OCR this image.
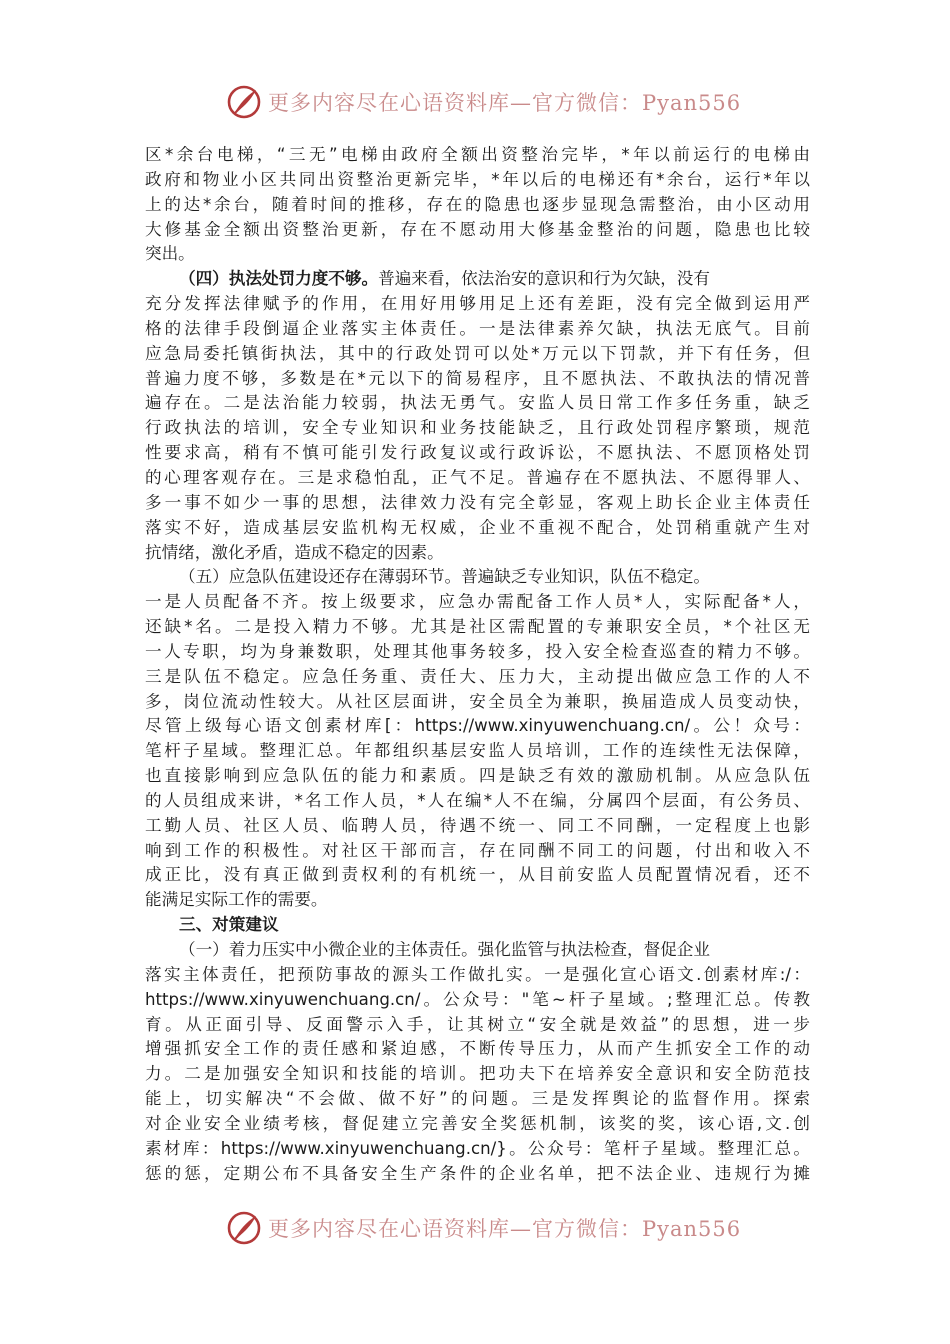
更多内容尽在心语资料库—官方微信：Pyan556
区*余台电梯，“三无”电梯由政府全额出资整治完毕，*年以前运行的电梯由
政府和物业小区共同出资整治更新完毕，*年以后的电梯还有*余台，运行*年以
上的达*余台，随着时间的推移，存在的隐患也逐步显现急需整治，由小区动用
大修基金全额出资整治更新，存在不愿动用大修基金整治的问题，隐患也比较
突出。
（四）执法处罚力度不够。普遍来看，依法治安的意识和行为欠缺，没有
充分发挥法律赋予的作用，在用好用够用足上还有差距，没有完全做到运用严
格的法律手段倒逼企业落实主体责任。一是法律素养欠缺，执法无底气。目前
应急局委托镇街执法，其中的行政处罚可以处*万元以下罚款，并下有任务，但
普遍力度不够，多数是在*元以下的简易程序，且不愿执法、不敢执法的情况普
遍存在。二是法治能力较弱，执法无勇气。安监人员日常工作多任务重，缺乏
行政执法的培训，安全专业知识和业务技能缺乏，且行政处罚程序繁琐，规范
性要求高，稍有不慎可能引发行政复议或行政诉讼，不愿执法、不愿顶格处罚
的心理客观存在。三是求稳怕乱，正气不足。普遍存在不愿执法、不愿得罪人、
多一事不如少一事的思想，法律效力没有完全彰显，客观上助长企业主体责任
落实不好，造成基层安监机构无权威，企业不重视不配合，处罚稍重就产生对
抗情绪，激化矛盾，造成不稳定的因素。
（五）应急队伍建设还存在薄弱环节。普遍缺乏专业知识，队伍不稳定。
一是人员配备不齐。按上级要求，应急办需配备工作人员*人，实际配备*人，
还缺*名。二是投入精力不够。尤其是社区需配置的专兼职安全员，*个社区无
一人专职，均为身兼数职，处理其他事务较多，投入安全检查巡查的精力不够。
三是队伍不稳定。应急任务重、责任大、压力大，主动提出做应急工作的人不
多，岗位流动性较大。从社区层面讲，安全员全为兼职，换届造成人员变动快，
尽管上级每心语文创素材库[：https://www.xinyuwenchuang.cn/。公！众号：
笔杆子星域。整理汇总。年都组织基层安监人员培训，工作的连续性无法保障，
也直接影响到应急队伍的能力和素质。四是缺乏有效的激励机制。从应急队伍
的人员组成来讲，*名工作人员，*人在编*人不在编，分属四个层面，有公务员、
工勤人员、社区人员、临聘人员，待遇不统一、同工不同酬，一定程度上也影
响到工作的积极性。对社区干部而言，存在同酬不同工的问题，付出和收入不
成正比，没有真正做到责权利的有机统一，从目前安监人员配置情况看，还不
能满足实际工作的需要。
三、对策建议
（一）着力压实中小微企业的主体责任。强化监管与执法检查，督促企业
落实主体责任，把预防事故的源头工作做扎实。一是强化宣心语文.创素材库:/：
https://www.xinyuwenchuang.cn/。公众号："笔~杆子星域。;整理汇总。传教
育。从正面引导、反面警示入手，让其树立“安全就是效益”的思想，进一步
增强抓安全工作的责任感和紧迫感，不断传导压力，从而产生抓安全工作的动
力。二是加强安全知识和技能的培训。把功夫下在培养安全意识和安全防范技
能上，切实解决“不会做、做不好”的问题。三是发挥舆论的监督作用。探索
对企业安全业绩考核，督促建立完善安全奖惩机制，该奖的奖，该心语,文.创
素材库：https://www.xinyuwenchuang.cn/}。公众号：笔杆子星域。整理汇总。
惩的惩，定期公布不具备安全生产条件的企业名单，把不法企业、违规行为摊
更多内容尽在心语资料库—官方微信：Pyan556
